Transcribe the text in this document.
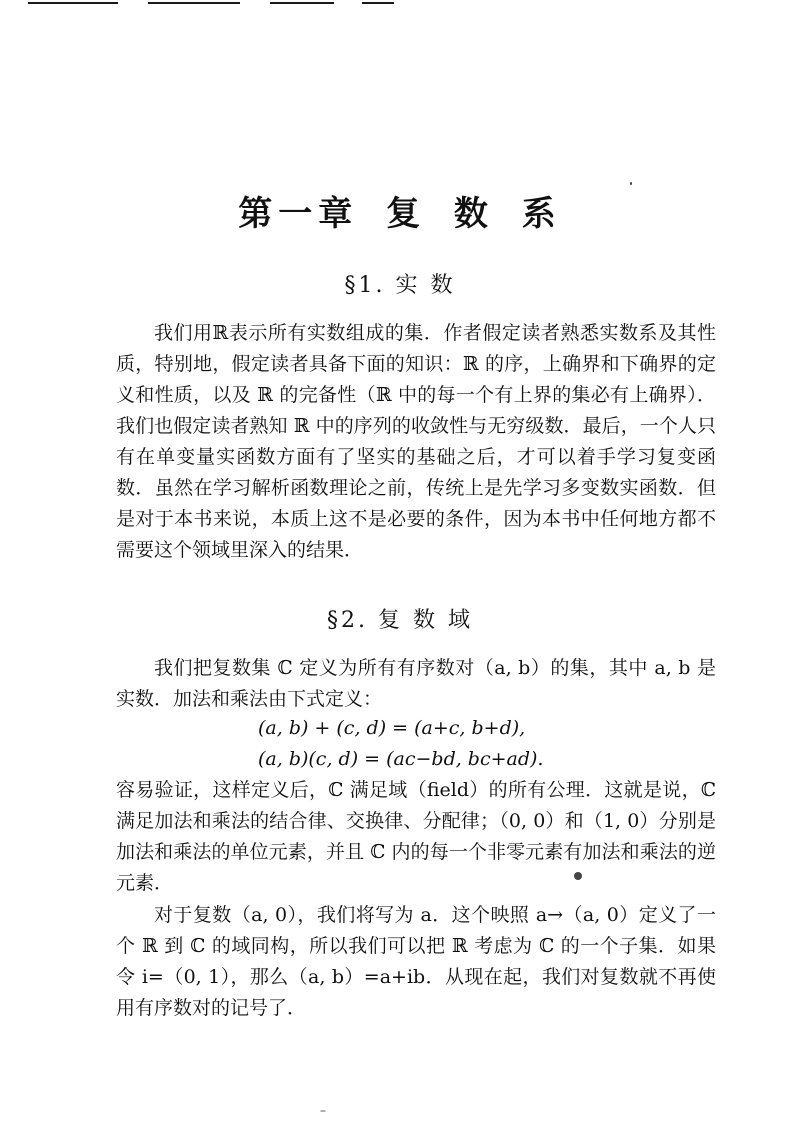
第一章 复 数 系
§1. 实 数
我们用ℝ表示所有实数组成的集．作者假定读者熟悉实数系及其性质，特别地，假定读者具备下面的知识：ℝ 的序，上确界和下确界的定义和性质，以及 ℝ 的完备性（ℝ 中的每一个有上界的集必有上确界）．我们也假定读者熟知 ℝ 中的序列的收敛性与无穷级数．最后，一个人只有在单变量实函数方面有了坚实的基础之后，才可以着手学习复变函数．虽然在学习解析函数理论之前，传统上是先学习多变数实函数．但是对于本书来说，本质上这不是必要的条件，因为本书中任何地方都不需要这个领域里深入的结果．
§2. 复 数 域
我们把复数集 ℂ 定义为所有有序数对（a, b）的集，其中 a, b 是实数．加法和乘法由下式定义：
(a, b) + (c, d) = (a+c, b+d),
(a, b)(c, d) = (ac−bd, bc+ad).
容易验证，这样定义后，ℂ 满足域（field）的所有公理．这就是说，ℂ 满足加法和乘法的结合律、交换律、分配律；（0, 0）和（1, 0）分别是加法和乘法的单位元素，并且 ℂ 内的每一个非零元素有加法和乘法的逆元素．
对于复数（a, 0），我们将写为 a．这个映照 a→（a, 0）定义了一个 ℝ 到 ℂ 的域同构，所以我们可以把 ℝ 考虑为 ℂ 的一个子集．如果令 i=（0, 1），那么（a, b）=a+ib．从现在起，我们对复数就不再使用有序数对的记号了．
